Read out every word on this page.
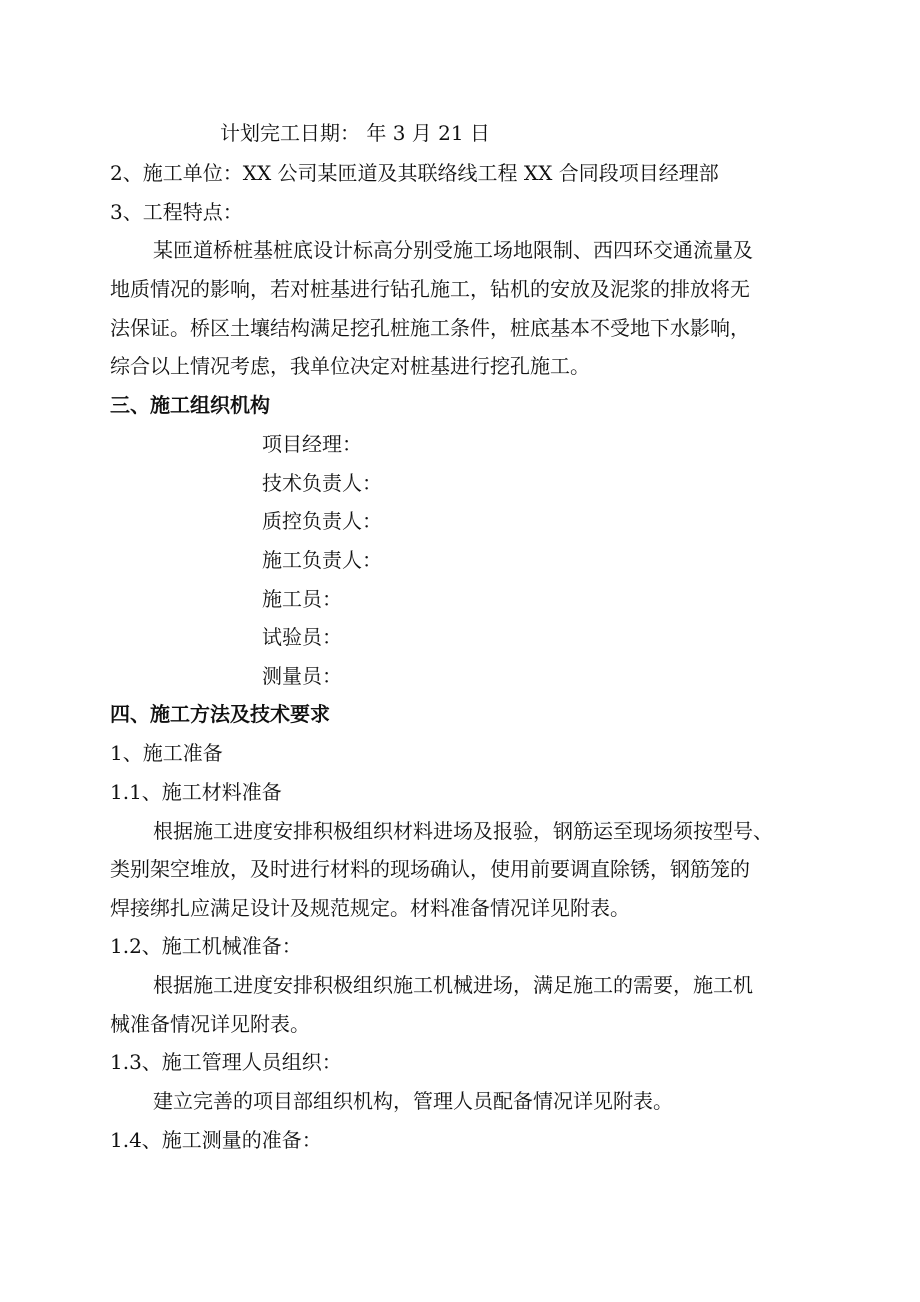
计划完工日期： 年 3 月 21 日
2、施工单位：XX 公司某匝道及其联络线工程 XX 合同段项目经理部
3、工程特点：
某匝道桥桩基桩底设计标高分别受施工场地限制、西四环交通流量及
地质情况的影响，若对桩基进行钻孔施工，钻机的安放及泥浆的排放将无
法保证。桥区土壤结构满足挖孔桩施工条件，桩底基本不受地下水影响，
综合以上情况考虑，我单位决定对桩基进行挖孔施工。
三、施工组织机构
项目经理：
技术负责人：
质控负责人：
施工负责人：
施工员：
试验员：
测量员：
四、施工方法及技术要求
1、施工准备
1.1、施工材料准备
根据施工进度安排积极组织材料进场及报验，钢筋运至现场须按型号、
类别架空堆放，及时进行材料的现场确认，使用前要调直除锈，钢筋笼的
焊接绑扎应满足设计及规范规定。材料准备情况详见附表。
1.2、施工机械准备：
根据施工进度安排积极组织施工机械进场，满足施工的需要，施工机
械准备情况详见附表。
1.3、施工管理人员组织：
建立完善的项目部组织机构，管理人员配备情况详见附表。
1.4、施工测量的准备：
